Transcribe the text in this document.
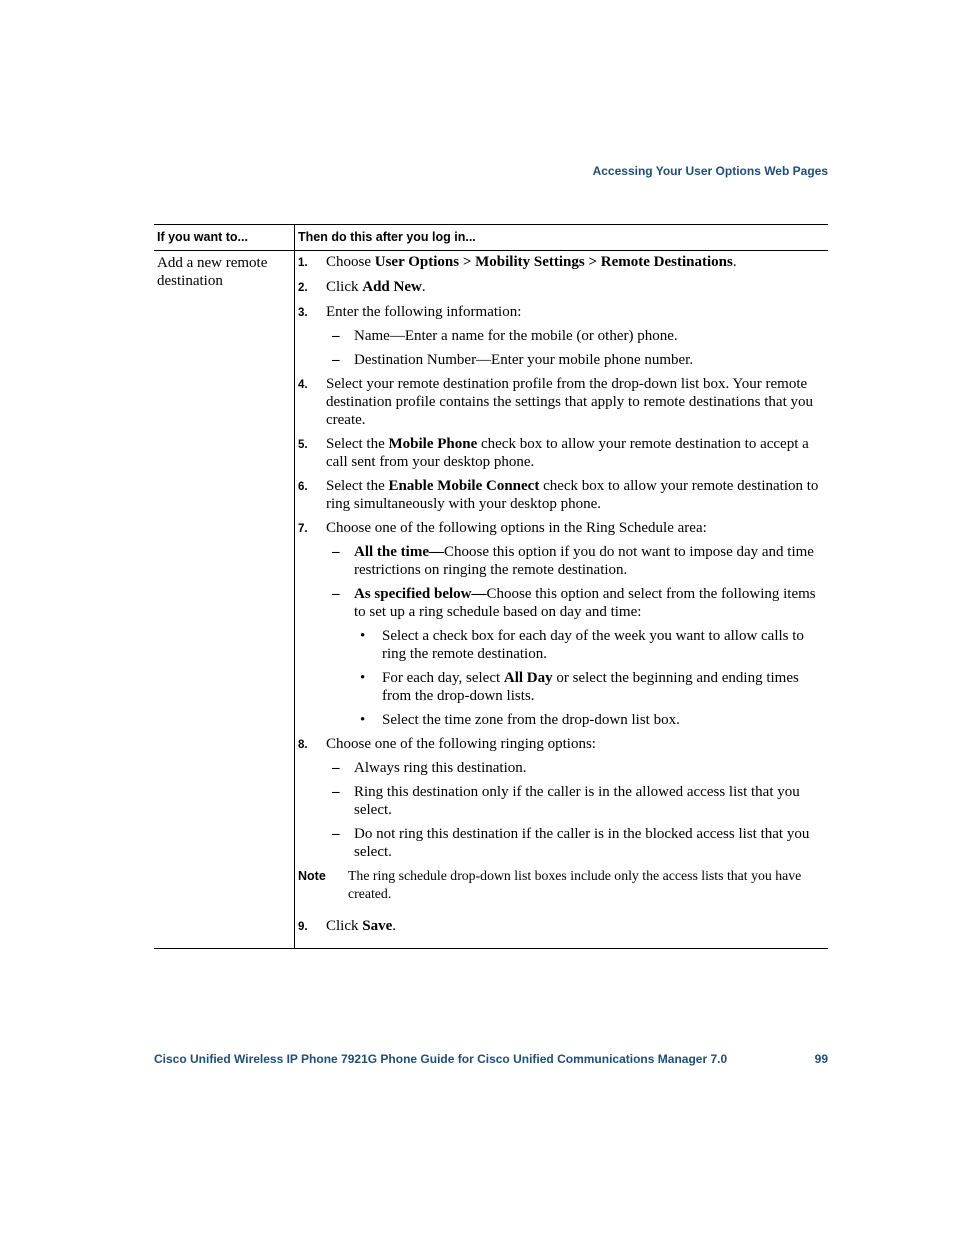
Accessing Your User Options Web Pages
If you want to...	Then do this after you log in...
Add a new remote destination
1.	Choose User Options > Mobility Settings > Remote Destinations.
2.	Click Add New.
3.	Enter the following information:
– Name—Enter a name for the mobile (or other) phone.
– Destination Number—Enter your mobile phone number.
4.	Select your remote destination profile from the drop-down list box. Your remote destination profile contains the settings that apply to remote destinations that you create.
5.	Select the Mobile Phone check box to allow your remote destination to accept a call sent from your desktop phone.
6.	Select the Enable Mobile Connect check box to allow your remote destination to ring simultaneously with your desktop phone.
7.	Choose one of the following options in the Ring Schedule area:
– All the time—Choose this option if you do not want to impose day and time restrictions on ringing the remote destination.
– As specified below—Choose this option and select from the following items to set up a ring schedule based on day and time:
•	Select a check box for each day of the week you want to allow calls to ring the remote destination.
•	For each day, select All Day or select the beginning and ending times from the drop-down lists.
•	Select the time zone from the drop-down list box.
8.	Choose one of the following ringing options:
– Always ring this destination.
– Ring this destination only if the caller is in the allowed access list that you select.
– Do not ring this destination if the caller is in the blocked access list that you select.
Note	The ring schedule drop-down list boxes include only the access lists that you have created.
9.	Click Save.
Cisco Unified Wireless IP Phone 7921G Phone Guide for Cisco Unified Communications Manager 7.0	99
